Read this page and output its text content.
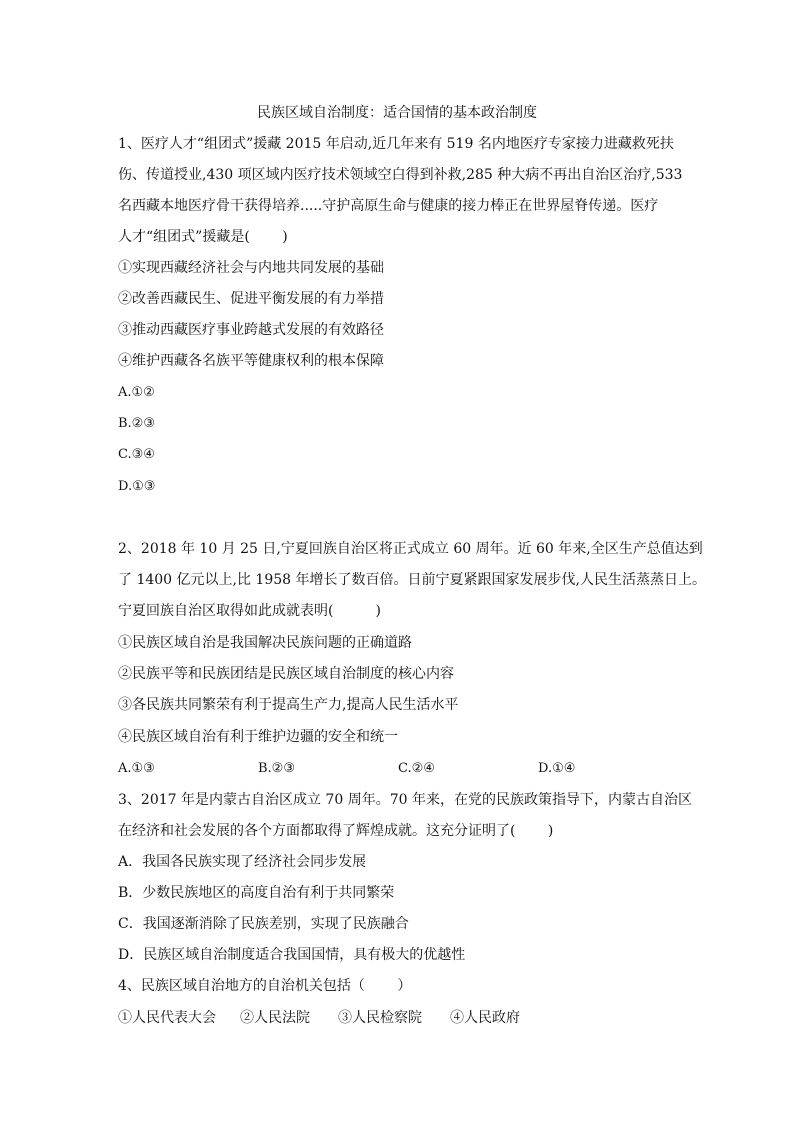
民族区域自治制度：适合国情的基本政治制度
1、医疗人才“组团式”援藏 2015 年启动,近几年来有 519 名内地医疗专家接力进藏救死扶
伤、传道授业,430 项区域内医疗技术领域空白得到补救,285 种大病不再出自治区治疗,533
名西藏本地医疗骨干获得培养.....守护高原生命与健康的接力棒正在世界屋脊传递。医疗
人才“组团式”援藏是(　　 )
①实现西藏经济社会与内地共同发展的基础
②改善西藏民生、促进平衡发展的有力举措
③推动西藏医疗事业跨越式发展的有效路径
④维护西藏各名族平等健康权利的根本保障
A.①②
B.②③
C.③④
D.①③
2、2018 年 10 月 25 日,宁夏回族自治区将正式成立 60 周年。近 60 年来,全区生产总值达到
了 1400 亿元以上,比 1958 年增长了数百倍。日前宁夏紧跟国家发展步伐,人民生活蒸蒸日上。
宁夏回族自治区取得如此成就表明(　　　)
①民族区域自治是我国解决民族问题的正确道路
②民族平等和民族团结是民族区域自治制度的核心内容
③各民族共同繁荣有利于提高生产力,提高人民生活水平
④民族区域自治有利于维护边疆的安全和统一
A.①③	B.②③	C.②④	D.①④
3、2017 年是内蒙古自治区成立 70 周年。70 年来，在党的民族政策指导下，内蒙古自治区
在经济和社会发展的各个方面都取得了辉煌成就。这充分证明了(　　 )
A．我国各民族实现了经济社会同步发展
B．少数民族地区的高度自治有利于共同繁荣
C．我国逐渐消除了民族差别，实现了民族融合
D．民族区域自治制度适合我国国情，具有极大的优越性
4、民族区域自治地方的自治机关包括（　　 ）
①人民代表大会 ②人民法院 ③人民检察院 ④人民政府
